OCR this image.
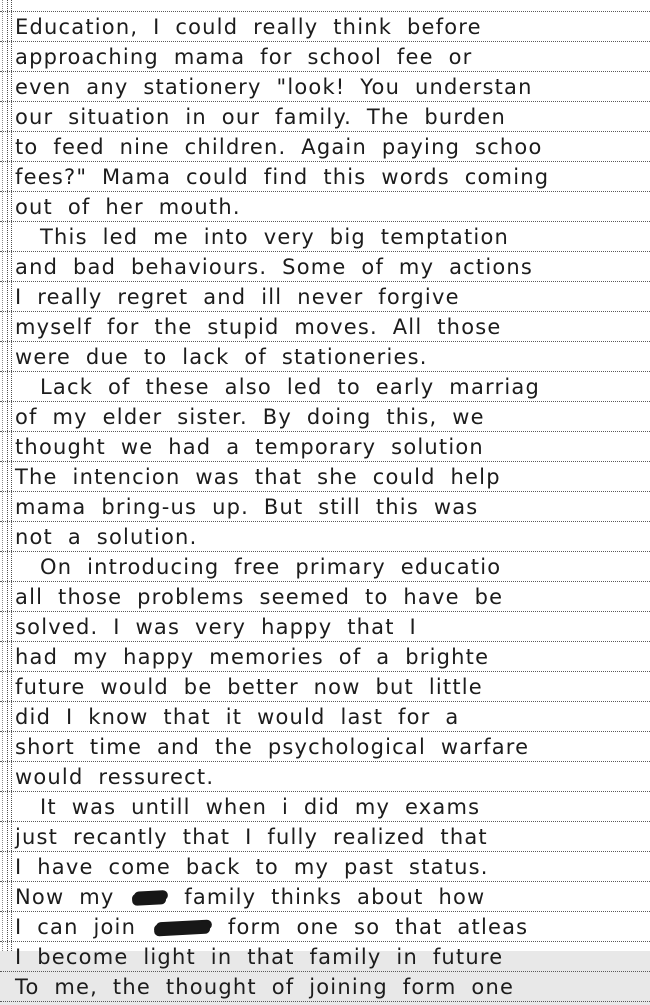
Education, I could really think before
approaching mama for school fee or
even any stationery "look! You understan
our situation in our family. The burden
to feed nine children. Again paying schoo
fees?" Mama could find this words coming
out of her mouth.
This led me into very big temptation
and bad behaviours. Some of my actions
I really regret and ill never forgive
myself for the stupid moves. All those
were due to lack of stationeries.
Lack of these also led to early marriag
of my elder sister. By doing this, we
thought we had a temporary solution
The intencion was that she could help
mama bring-us up. But still this was
not a solution.
On introducing free primary educatio
all those problems seemed to have be
solved. I was very happy that I
had my happy memories of a brighte
future would be better now but little
did I know that it would last for a
short time and the psychological warfare
would ressurect.
It was untill when i did my exams
just recantly that I fully realized that
I have come back to my past status.
Now my  family thinks about how
I can join	form one so that atleas
I become light in that family in future
To me, the thought of joining form one
